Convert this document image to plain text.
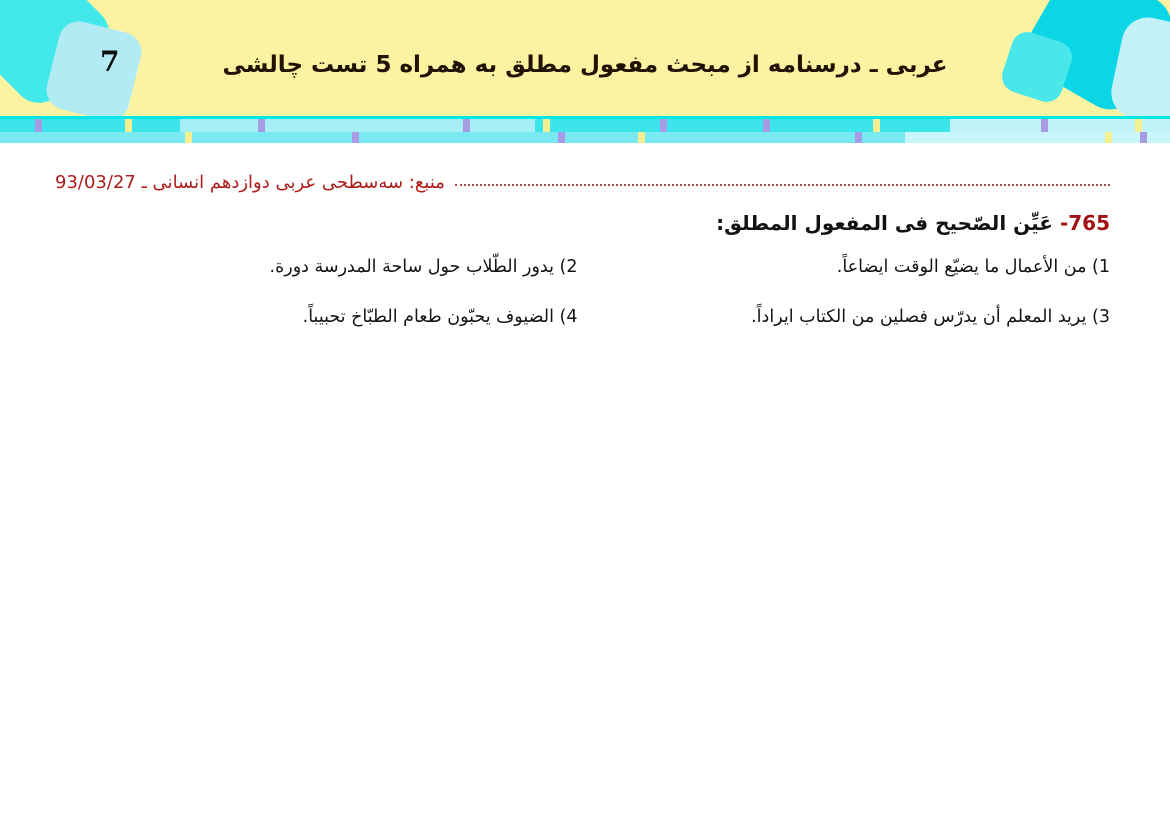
7	عربی ـ درسنامه از مبحث مفعول مطلق به همراه 5 تست چالشی
منبع: سه‌سطحی عربی دوازدهم انسانی ـ 93/03/27
765- عَيِّن الصّحيح فی المفعول المطلق:
1) من الأعمال ما يضيّع الوقت ايضاعاً.
2) يدور الطّلاب حول ساحة المدرسة دورة.
3) يريد المعلم أن يدرّس فصلين من الكتاب ايراداً.
4) الضيوف يحبّون طعام الطبّاخ تحبيباً.
